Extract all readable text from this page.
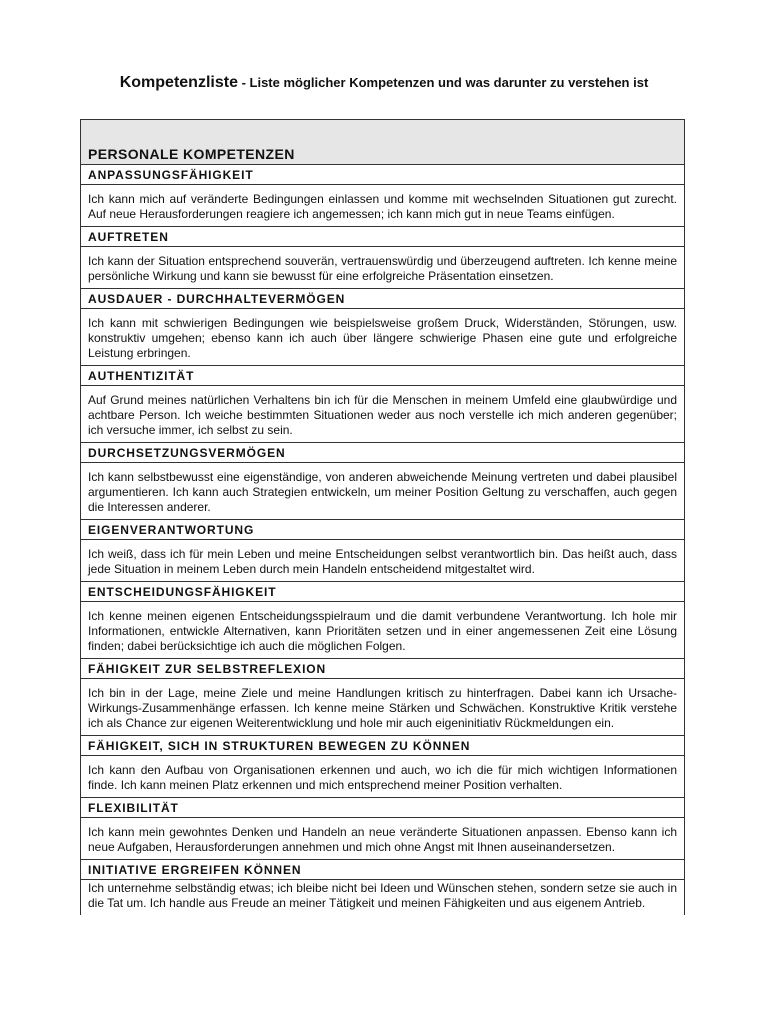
Kompetenzliste - Liste möglicher Kompetenzen und was darunter zu verstehen ist
PERSONALE KOMPETENZEN
ANPASSUNGSFÄHIGKEIT
Ich kann mich auf veränderte Bedingungen einlassen und komme mit wechselnden Situationen gut zurecht. Auf neue Herausforderungen reagiere ich angemessen; ich kann mich gut in neue Teams einfügen.
AUFTRETEN
Ich kann der Situation entsprechend souverän, vertrauenswürdig und überzeugend auftreten. Ich kenne meine persönliche Wirkung und kann sie bewusst für eine erfolgreiche Präsentation einsetzen.
AUSDAUER - DURCHHALTEVERMÖGEN
Ich kann mit schwierigen Bedingungen wie beispielsweise großem Druck, Widerständen, Störungen, usw. konstruktiv umgehen; ebenso kann ich auch über längere schwierige Phasen eine gute und erfolgreiche Leistung erbringen.
AUTHENTIZITÄT
Auf Grund meines natürlichen Verhaltens bin ich für die Menschen in meinem Umfeld eine glaubwürdige und achtbare Person. Ich weiche bestimmten Situationen weder aus noch verstelle ich mich anderen gegenüber; ich versuche immer, ich selbst zu sein.
DURCHSETZUNGSVERMÖGEN
Ich kann selbstbewusst eine eigenständige, von anderen abweichende Meinung vertreten und dabei plausibel argumentieren. Ich kann auch Strategien entwickeln, um meiner Position Geltung zu verschaffen, auch gegen die Interessen anderer.
EIGENVERANTWORTUNG
Ich weiß, dass ich für mein Leben und meine Entscheidungen selbst verantwortlich bin. Das heißt auch, dass jede Situation in meinem Leben durch mein Handeln entscheidend mitgestaltet wird.
ENTSCHEIDUNGSFÄHIGKEIT
Ich kenne meinen eigenen Entscheidungsspielraum und die damit verbundene Verantwortung. Ich hole mir Informationen, entwickle Alternativen, kann Prioritäten setzen und in einer angemessenen Zeit eine Lösung finden; dabei berücksichtige ich auch die möglichen Folgen.
FÄHIGKEIT ZUR SELBSTREFLEXION
Ich bin in der Lage, meine Ziele und meine Handlungen kritisch zu hinterfragen. Dabei kann ich Ursache-Wirkungs-Zusammenhänge erfassen. Ich kenne meine Stärken und Schwächen. Konstruktive Kritik verstehe ich als Chance zur eigenen Weiterentwicklung und hole mir auch eigeninitiativ Rückmeldungen ein.
FÄHIGKEIT, SICH IN STRUKTUREN BEWEGEN ZU KÖNNEN
Ich kann den Aufbau von Organisationen erkennen und auch, wo ich die für mich wichtigen Informationen finde. Ich kann meinen Platz erkennen und mich entsprechend meiner Position verhalten.
FLEXIBILITÄT
Ich kann mein gewohntes Denken und Handeln an neue veränderte Situationen anpassen. Ebenso kann ich neue Aufgaben, Herausforderungen annehmen und mich ohne Angst mit Ihnen auseinandersetzen.
INITIATIVE ERGREIFEN KÖNNEN
Ich unternehme selbständig etwas; ich bleibe nicht bei Ideen und Wünschen stehen, sondern setze sie auch in die Tat um. Ich handle aus Freude an meiner Tätigkeit und meinen Fähigkeiten und aus eigenem Antrieb.
